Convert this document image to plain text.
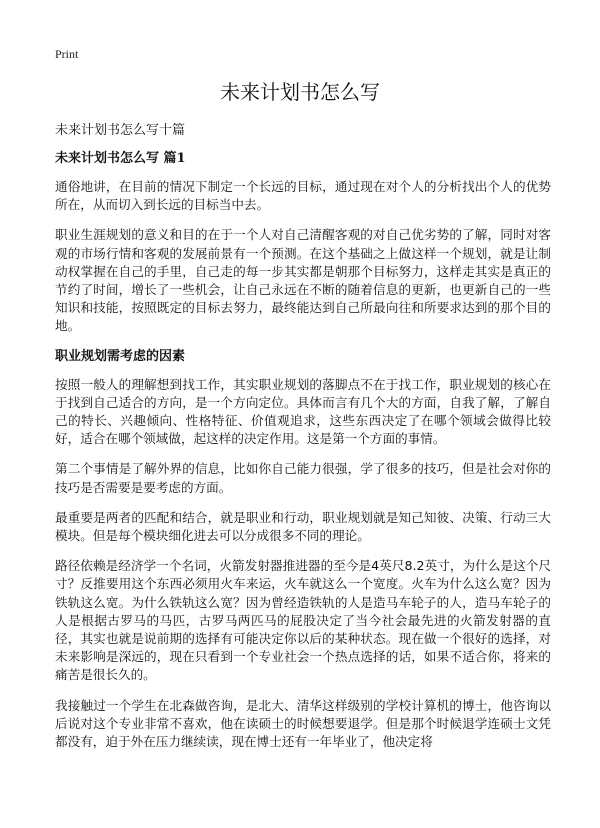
Print
未来计划书怎么写

未来计划书怎么写十篇

未来计划书怎么写 篇1

通俗地讲，在目前的情况下制定一个长远的目标，通过现在对个人的分析找出个人的优势所在，从而切入到长远的目标当中去。

职业生涯规划的意义和目的在于一个人对自己清醒客观的对自己优劣势的了解，同时对客观的市场行情和客观的发展前景有一个预测。在这个基础之上做这样一个规划，就是让制动权掌握在自己的手里，自己走的每一步其实都是朝那个目标努力，这样走其实是真正的节约了时间，增长了一些机会，让自己永远在不断的随着信息的更新，也更新自己的一些知识和技能，按照既定的目标去努力，最终能达到自己所最向往和所要求达到的那个目的地。

职业规划需考虑的因素

按照一般人的理解想到找工作，其实职业规划的落脚点不在于找工作，职业规划的核心在于找到自己适合的方向，是一个方向定位。具体而言有几个大的方面，自我了解，了解自己的特长、兴趣倾向、性格特征、价值观追求，这些东西决定了在哪个领域会做得比较好，适合在哪个领域做，起这样的决定作用。这是第一个方面的事情。

第二个事情是了解外界的信息，比如你自己能力很强，学了很多的技巧，但是社会对你的技巧是否需要是要考虑的方面。

最重要是两者的匹配和结合，就是职业和行动，职业规划就是知己知彼、决策、行动三大模块。但是每个模块细化进去可以分成很多不同的理论。

路径依赖是经济学一个名词，火箭发射器推进器的至今是4英尺8.2英寸，为什么是这个尺寸？反推要用这个东西必须用火车来运，火车就这么一个宽度。火车为什么这么宽？因为铁轨这么宽。为什么铁轨这么宽？因为曾经造铁轨的人是造马车轮子的人，造马车轮子的人是根据古罗马的马匹，古罗马两匹马的屁股决定了当今社会最先进的火箭发射器的直径，其实也就是说前期的选择有可能决定你以后的某种状态。现在做一个很好的选择，对未来影响是深远的，现在只看到一个专业社会一个热点选择的话，如果不适合你，将来的痛苦是很长久的。

我接触过一个学生在北森做咨询，是北大、清华这样级别的学校计算机的博士，他咨询以后说对这个专业非常不喜欢，他在读硕士的时候想要退学。但是那个时候退学连硕士文凭都没有，迫于外在压力继续读，现在博士还有一年毕业了，他决定将
